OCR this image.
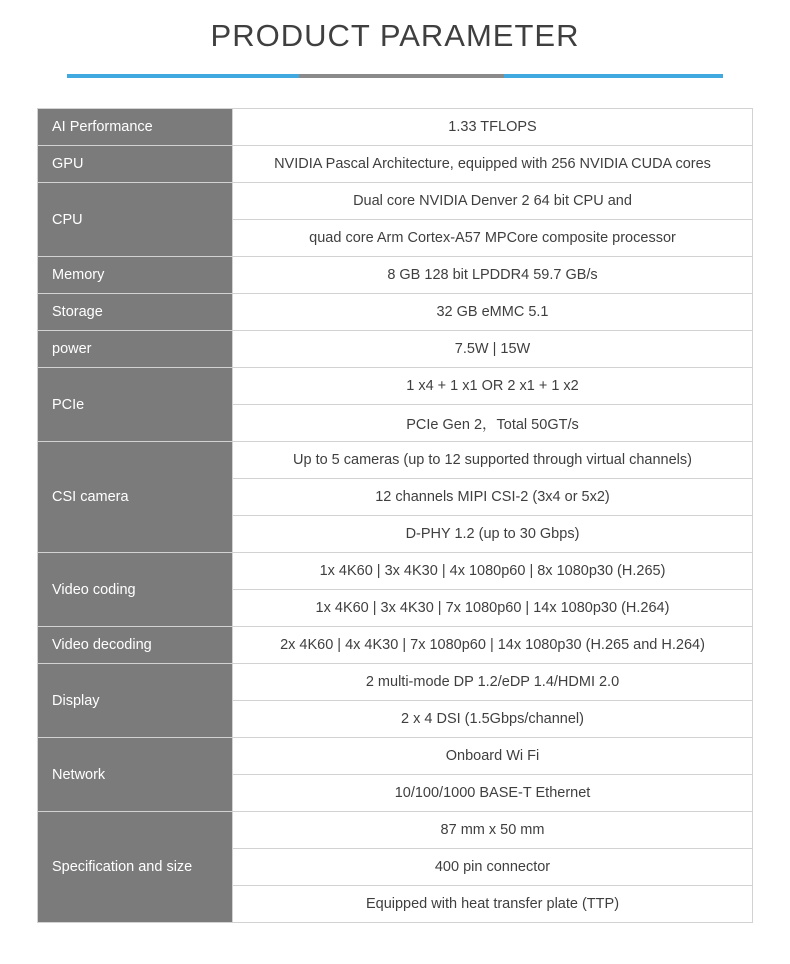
PRODUCT PARAMETER
AI Performance	1.33 TFLOPS
GPU	NVIDIA Pascal Architecture, equipped with 256 NVIDIA CUDA cores
CPU	Dual core NVIDIA Denver 2 64 bit CPU and
	quad core Arm Cortex-A57 MPCore composite processor
Memory	8 GB 128 bit LPDDR4 59.7 GB/s
Storage	32 GB eMMC 5.1
power	7.5W | 15W
PCIe	1 x4 + 1 x1 OR 2 x1 + 1 x2
	PCIe Gen 2，Total 50GT/s
CSI camera	Up to 5 cameras (up to 12 supported through virtual channels)
	12 channels MIPI CSI-2 (3x4 or 5x2)
	D-PHY 1.2 (up to 30 Gbps)
Video coding	1x 4K60 | 3x 4K30 | 4x 1080p60 | 8x 1080p30 (H.265)
	1x 4K60 | 3x 4K30 | 7x 1080p60 | 14x 1080p30 (H.264)
Video decoding	2x 4K60 | 4x 4K30 | 7x 1080p60 | 14x 1080p30 (H.265 and H.264)
Display	2 multi-mode DP 1.2/eDP 1.4/HDMI 2.0
	2 x 4 DSI (1.5Gbps/channel)
Network	Onboard Wi Fi
	10/100/1000 BASE-T Ethernet
Specification and size	87 mm x 50 mm
	400 pin connector
	Equipped with heat transfer plate (TTP)
